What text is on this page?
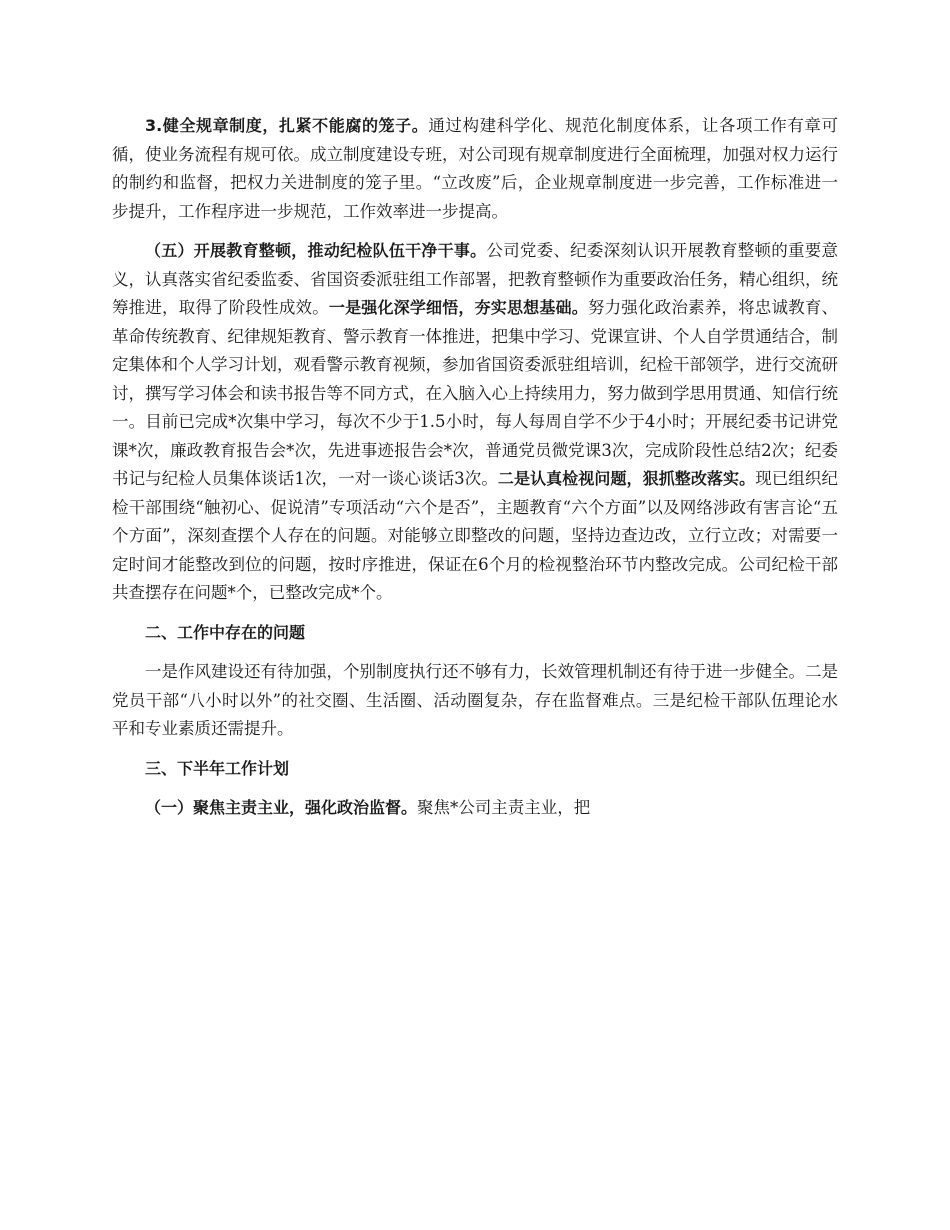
3.健全规章制度，扎紧不能腐的笼子。通过构建科学化、规范化制度体系，让各项工作有章可循，使业务流程有规可依。成立制度建设专班，对公司现有规章制度进行全面梳理，加强对权力运行的制约和监督，把权力关进制度的笼子里。“立改废”后，企业规章制度进一步完善，工作标准进一步提升，工作程序进一步规范，工作效率进一步提高。

（五）开展教育整顿，推动纪检队伍干净干事。公司党委、纪委深刻认识开展教育整顿的重要意义，认真落实省纪委监委、省国资委派驻组工作部署，把教育整顿作为重要政治任务，精心组织，统筹推进，取得了阶段性成效。一是强化深学细悟，夯实思想基础。努力强化政治素养，将忠诚教育、革命传统教育、纪律规矩教育、警示教育一体推进，把集中学习、党课宣讲、个人自学贯通结合，制定集体和个人学习计划，观看警示教育视频，参加省国资委派驻组培训，纪检干部领学，进行交流研讨，撰写学习体会和读书报告等不同方式，在入脑入心上持续用力，努力做到学思用贯通、知信行统一。目前已完成*次集中学习，每次不少于1.5小时，每人每周自学不少于4小时；开展纪委书记讲党课*次，廉政教育报告会*次，先进事迹报告会*次，普通党员微党课3次，完成阶段性总结2次；纪委书记与纪检人员集体谈话1次，一对一谈心谈话3次。二是认真检视问题，狠抓整改落实。现已组织纪检干部围绕“触初心、促说清”专项活动“六个是否”，主题教育“六个方面”以及网络涉政有害言论“五个方面”，深刻查摆个人存在的问题。对能够立即整改的问题，坚持边查边改，立行立改；对需要一定时间才能整改到位的问题，按时序推进，保证在6个月的检视整治环节内整改完成。公司纪检干部共查摆存在问题*个，已整改完成*个。

二、工作中存在的问题

一是作风建设还有待加强，个别制度执行还不够有力，长效管理机制还有待于进一步健全。二是党员干部“八小时以外”的社交圈、生活圈、活动圈复杂，存在监督难点。三是纪检干部队伍理论水平和专业素质还需提升。

三、下半年工作计划

（一）聚焦主责主业，强化政治监督。聚焦*公司主责主业，把
